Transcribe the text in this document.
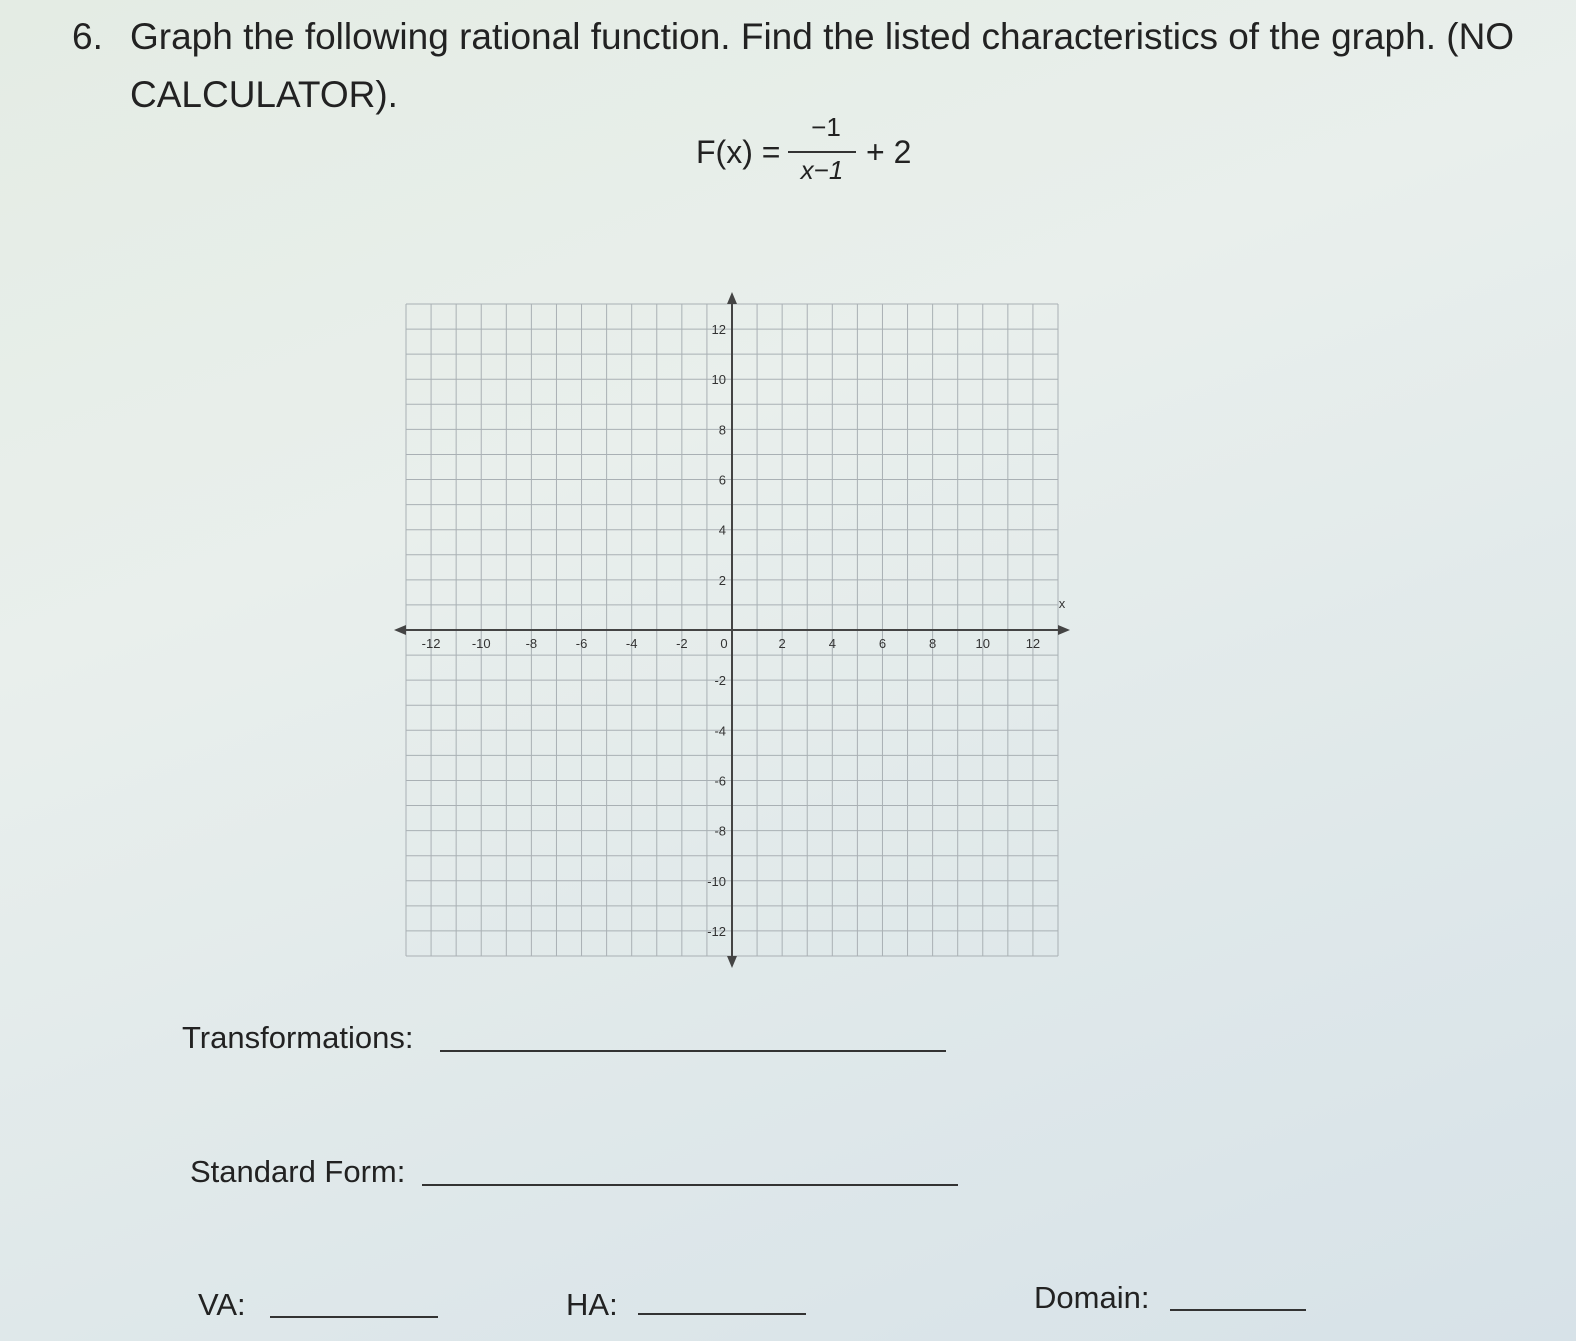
6. Graph the following rational function. Find the listed characteristics of the graph. (NO
CALCULATOR).
F(x) =
−1
x−1 + 2
-12 -10	-8	-6	-4	-2	0	2	4	6	8	10	12
12
10
8
6
4
2
-2
-4
-6
-8
-10
-12
x
Transformations:
Standard Form:
VA:	HA:	Domain:
